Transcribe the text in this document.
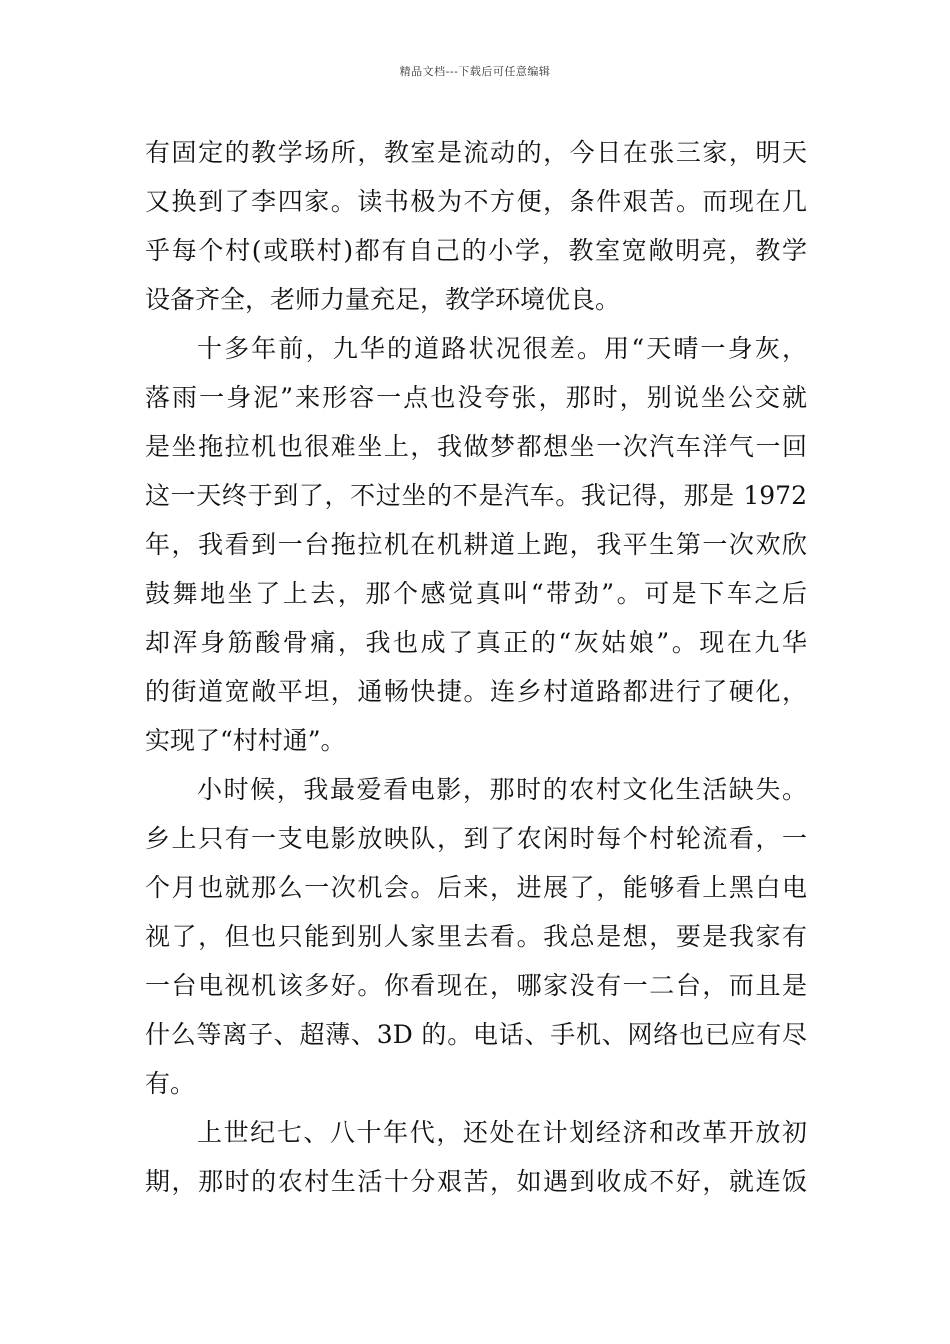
精品文档---下载后可任意编辑
有固定的教学场所，教室是流动的，今日在张三家，明天
又换到了李四家。读书极为不方便，条件艰苦。而现在几
乎每个村(或联村)都有自己的小学，教室宽敞明亮，教学
设备齐全，老师力量充足，教学环境优良。
十多年前，九华的道路状况很差。用“天晴一身灰，
落雨一身泥”来形容一点也没夸张，那时，别说坐公交就
是坐拖拉机也很难坐上，我做梦都想坐一次汽车洋气一回
这一天终于到了，不过坐的不是汽车。我记得，那是 1972
年，我看到一台拖拉机在机耕道上跑，我平生第一次欢欣
鼓舞地坐了上去，那个感觉真叫“带劲”。可是下车之后
却浑身筋酸骨痛，我也成了真正的“灰姑娘”。现在九华
的街道宽敞平坦，通畅快捷。连乡村道路都进行了硬化，
实现了“村村通”。
小时候，我最爱看电影，那时的农村文化生活缺失。
乡上只有一支电影放映队，到了农闲时每个村轮流看，一
个月也就那么一次机会。后来，进展了，能够看上黑白电
视了，但也只能到别人家里去看。我总是想，要是我家有
一台电视机该多好。你看现在，哪家没有一二台，而且是
什么等离子、超薄、3D 的。电话、手机、网络也已应有尽
有。
上世纪七、八十年代，还处在计划经济和改革开放初
期，那时的农村生活十分艰苦，如遇到收成不好，就连饭
